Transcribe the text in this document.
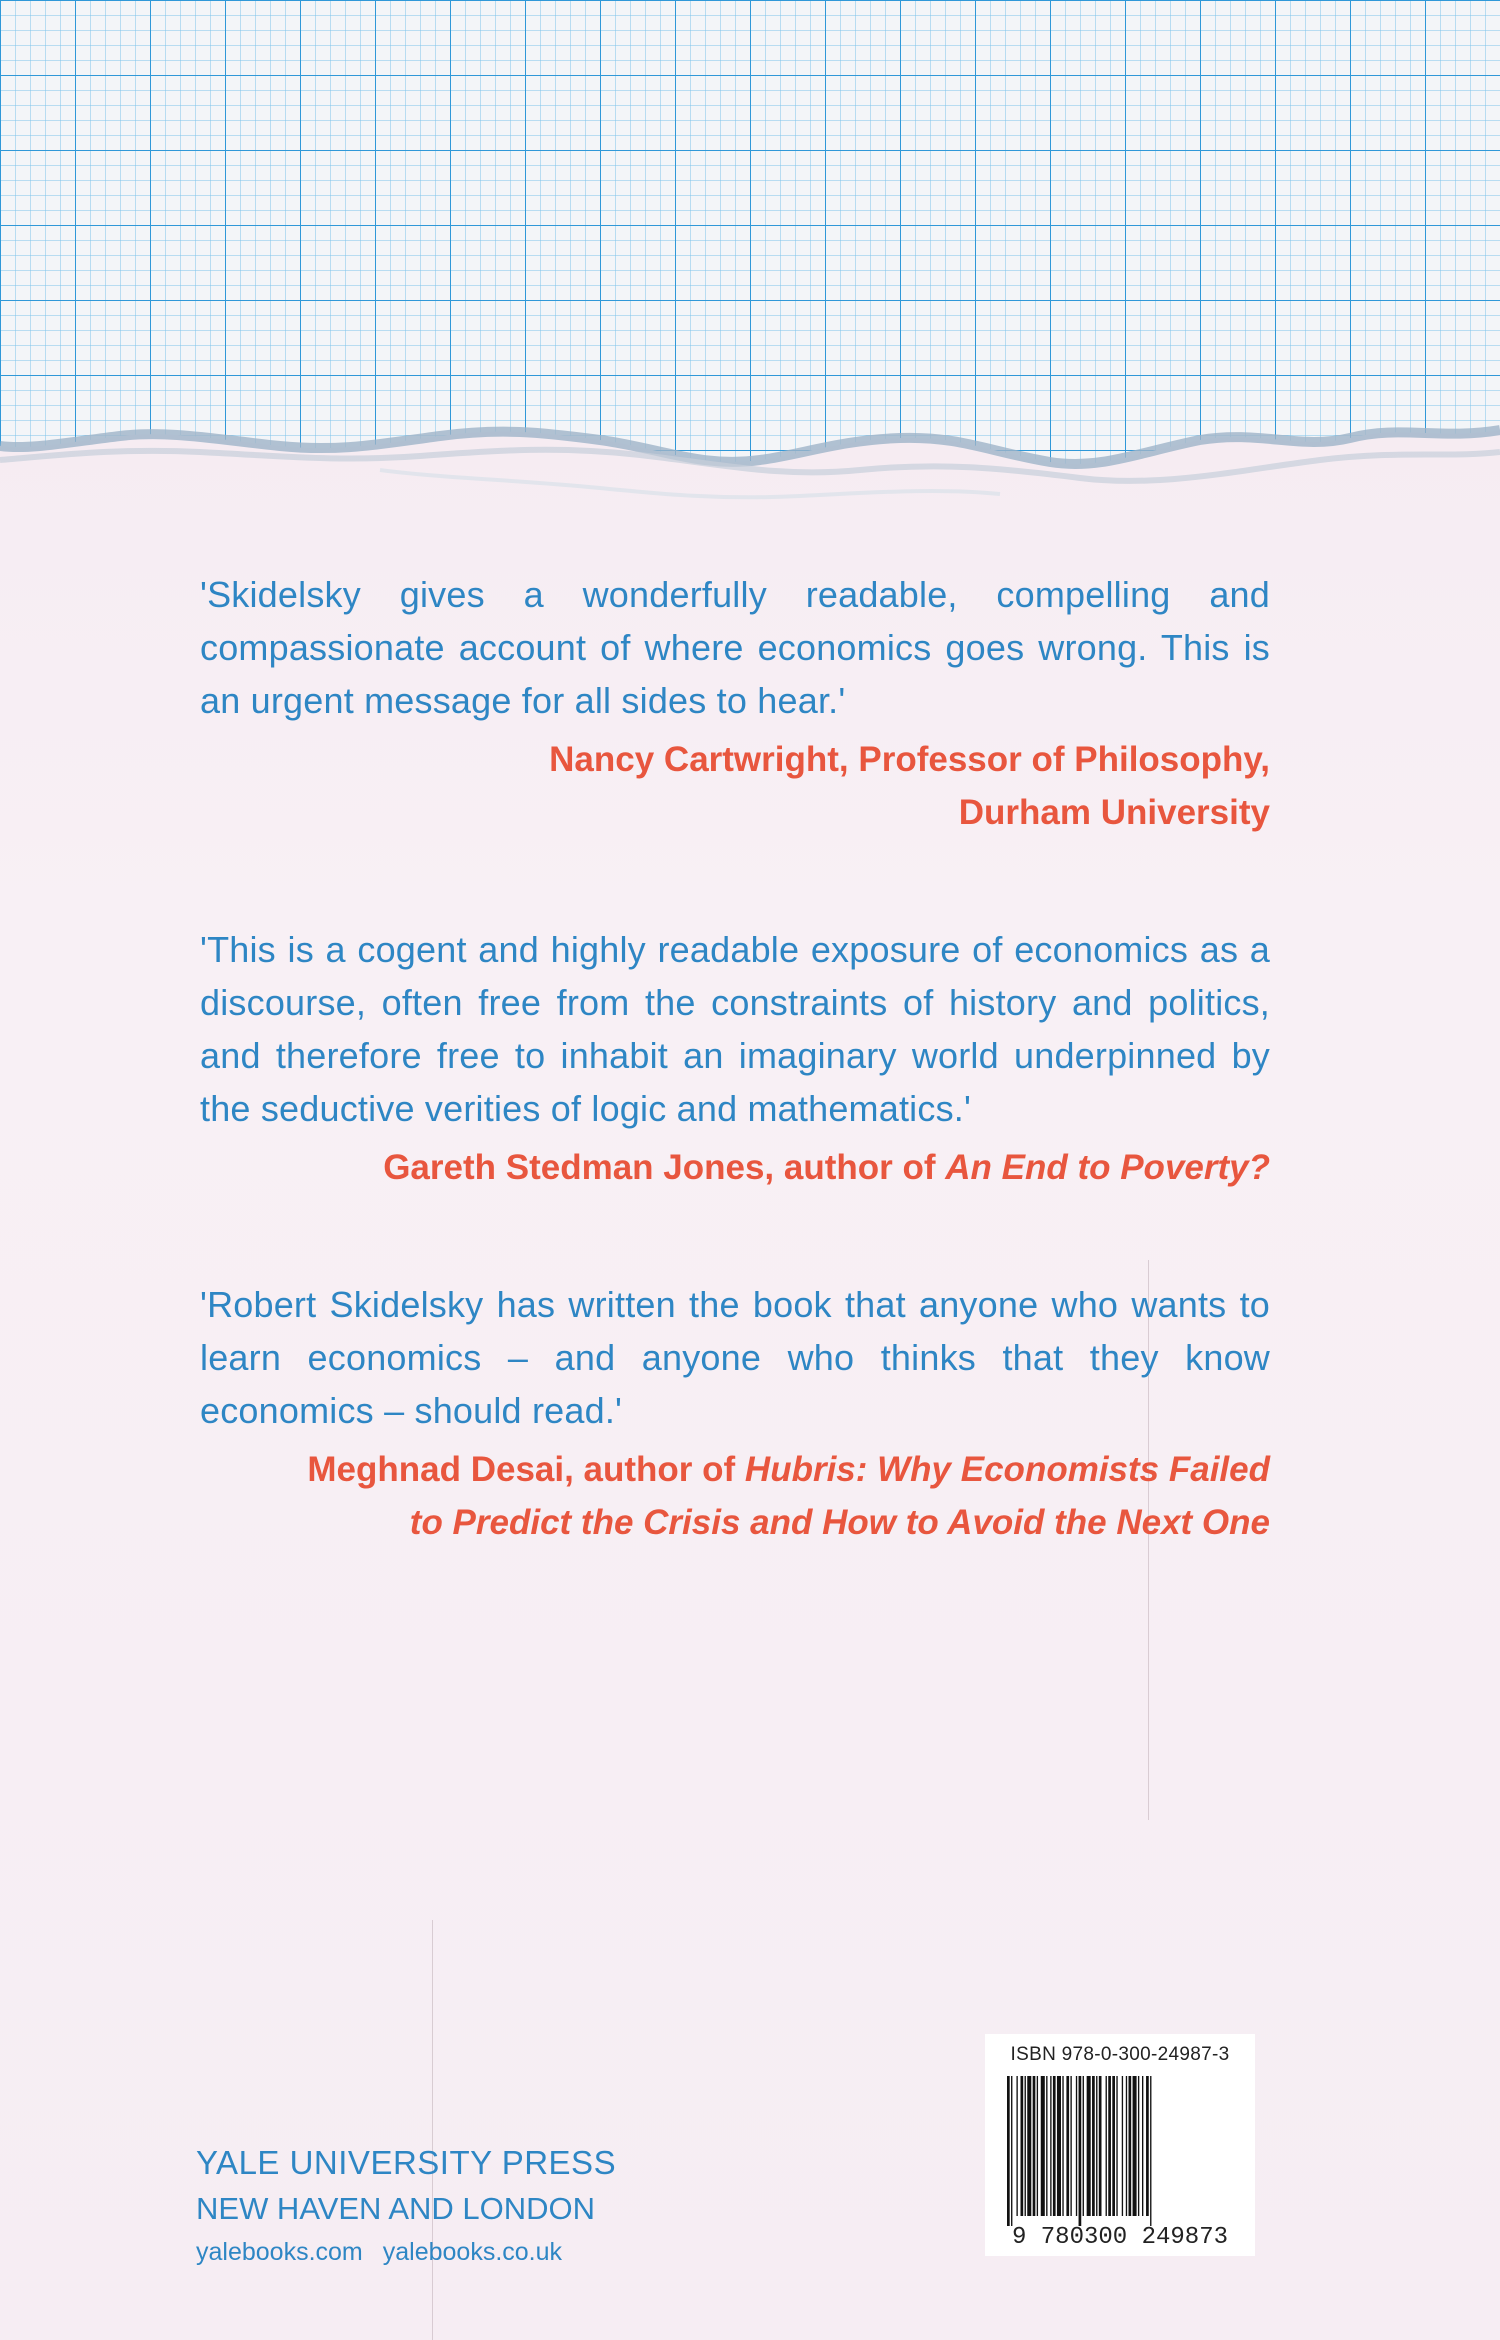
'Skidelsky gives a wonderfully readable, compelling and compassionate account of where economics goes wrong. This is an urgent message for all sides to hear.'

Nancy Cartwright, Professor of Philosophy,
Durham University

'This is a cogent and highly readable exposure of economics as a discourse, often free from the constraints of history and politics, and therefore free to inhabit an imaginary world underpinned by the seductive verities of logic and mathematics.'

Gareth Stedman Jones, author of An End to Poverty?

'Robert Skidelsky has written the book that anyone who wants to learn economics – and anyone who thinks that they know economics – should read.'

Meghnad Desai, author of Hubris: Why Economists Failed
to Predict the Crisis and How to Avoid the Next One

YALE UNIVERSITY PRESS

NEW HAVEN AND LONDON

yalebooks.com yalebooks.co.uk

ISBN 978-0-300-24987-3
9 780300 249873
